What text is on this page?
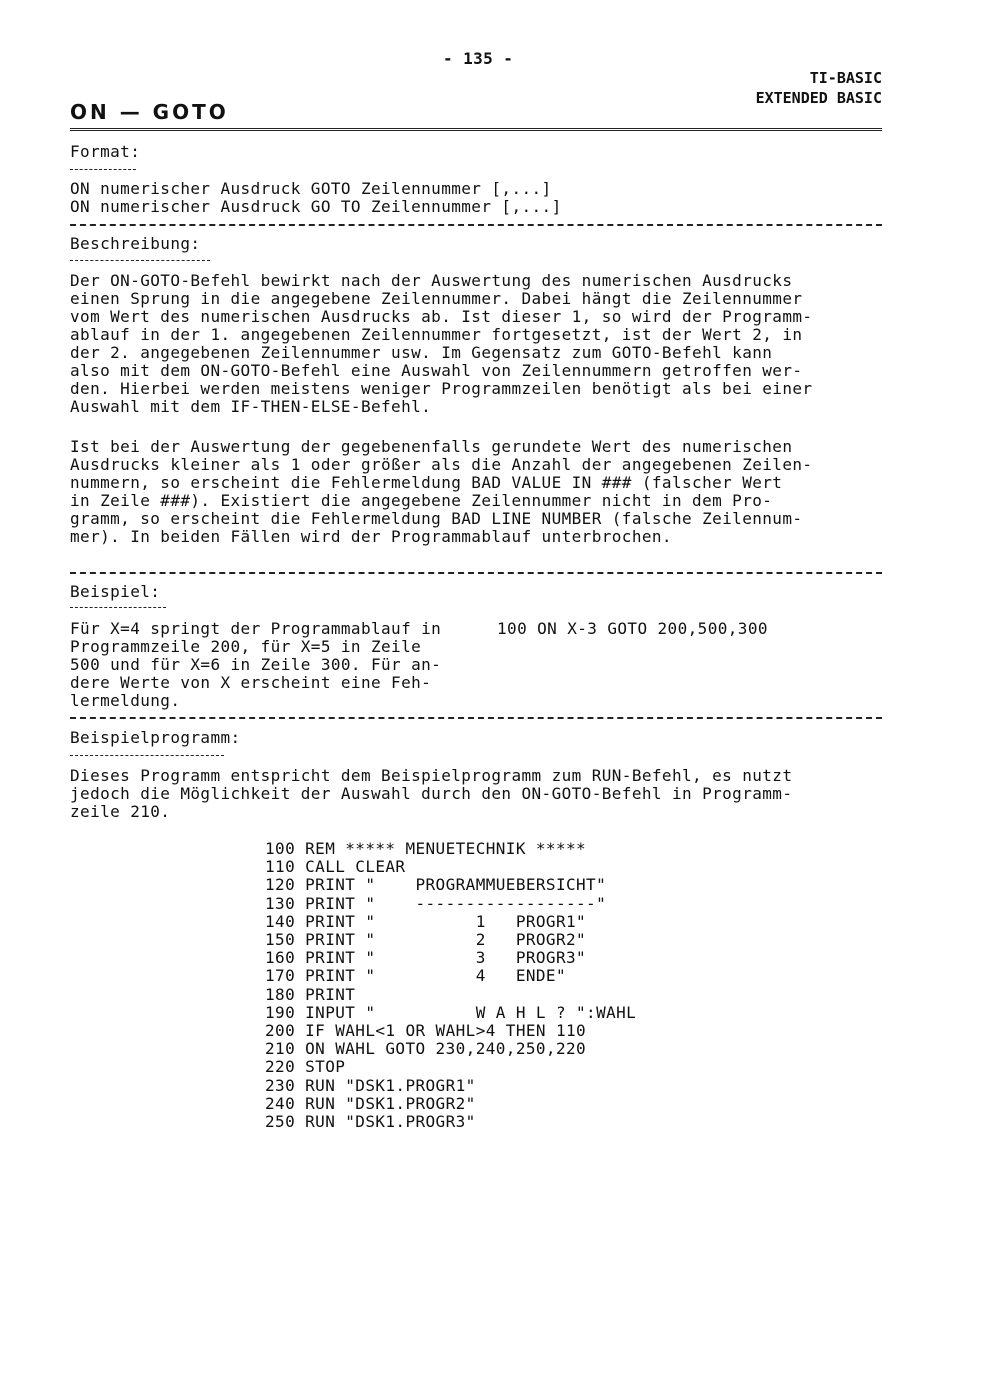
- 135 -
TI-BASIC
EXTENDED BASIC
ON — GOTO
Format:
ON numerischer Ausdruck GOTO Zeilennummer [,...]
ON numerischer Ausdruck GO TO Zeilennummer [,...]
Beschreibung:
Der ON-GOTO-Befehl bewirkt nach der Auswertung des numerischen Ausdrucks
einen Sprung in die angegebene Zeilennummer. Dabei hängt die Zeilennummer
vom Wert des numerischen Ausdrucks ab. Ist dieser 1, so wird der Programm-
ablauf in der 1. angegebenen Zeilennummer fortgesetzt, ist der Wert 2, in
der 2. angegebenen Zeilennummer usw. Im Gegensatz zum GOTO-Befehl kann
also mit dem ON-GOTO-Befehl eine Auswahl von Zeilennummern getroffen wer-
den. Hierbei werden meistens weniger Programmzeilen benötigt als bei einer
Auswahl mit dem IF-THEN-ELSE-Befehl.
Ist bei der Auswertung der gegebenenfalls gerundete Wert des numerischen
Ausdrucks kleiner als 1 oder größer als die Anzahl der angegebenen Zeilen-
nummern, so erscheint die Fehlermeldung BAD VALUE IN ### (falscher Wert
in Zeile ###). Existiert die angegebene Zeilennummer nicht in dem Pro-
gramm, so erscheint die Fehlermeldung BAD LINE NUMBER (falsche Zeilennum-
mer). In beiden Fällen wird der Programmablauf unterbrochen.
Beispiel:
Für X=4 springt der Programmablauf in
Programmzeile 200, für X=5 in Zeile
500 und für X=6 in Zeile 300. Für an-
dere Werte von X erscheint eine Feh-
lermeldung.
100 ON X-3 GOTO 200,500,300
Beispielprogramm:
Dieses Programm entspricht dem Beispielprogramm zum RUN-Befehl, es nutzt
jedoch die Möglichkeit der Auswahl durch den ON-GOTO-Befehl in Programm-
zeile 210.
100 REM ***** MENUETECHNIK *****
110 CALL CLEAR
120 PRINT "    PROGRAMMUEBERSICHT"
130 PRINT "    ------------------"
140 PRINT "          1   PROGR1"
150 PRINT "          2   PROGR2"
160 PRINT "          3   PROGR3"
170 PRINT "          4   ENDE"
180 PRINT
190 INPUT "          W A H L ? ":WAHL
200 IF WAHL<1 OR WAHL>4 THEN 110
210 ON WAHL GOTO 230,240,250,220
220 STOP
230 RUN "DSK1.PROGR1"
240 RUN "DSK1.PROGR2"
250 RUN "DSK1.PROGR3"
